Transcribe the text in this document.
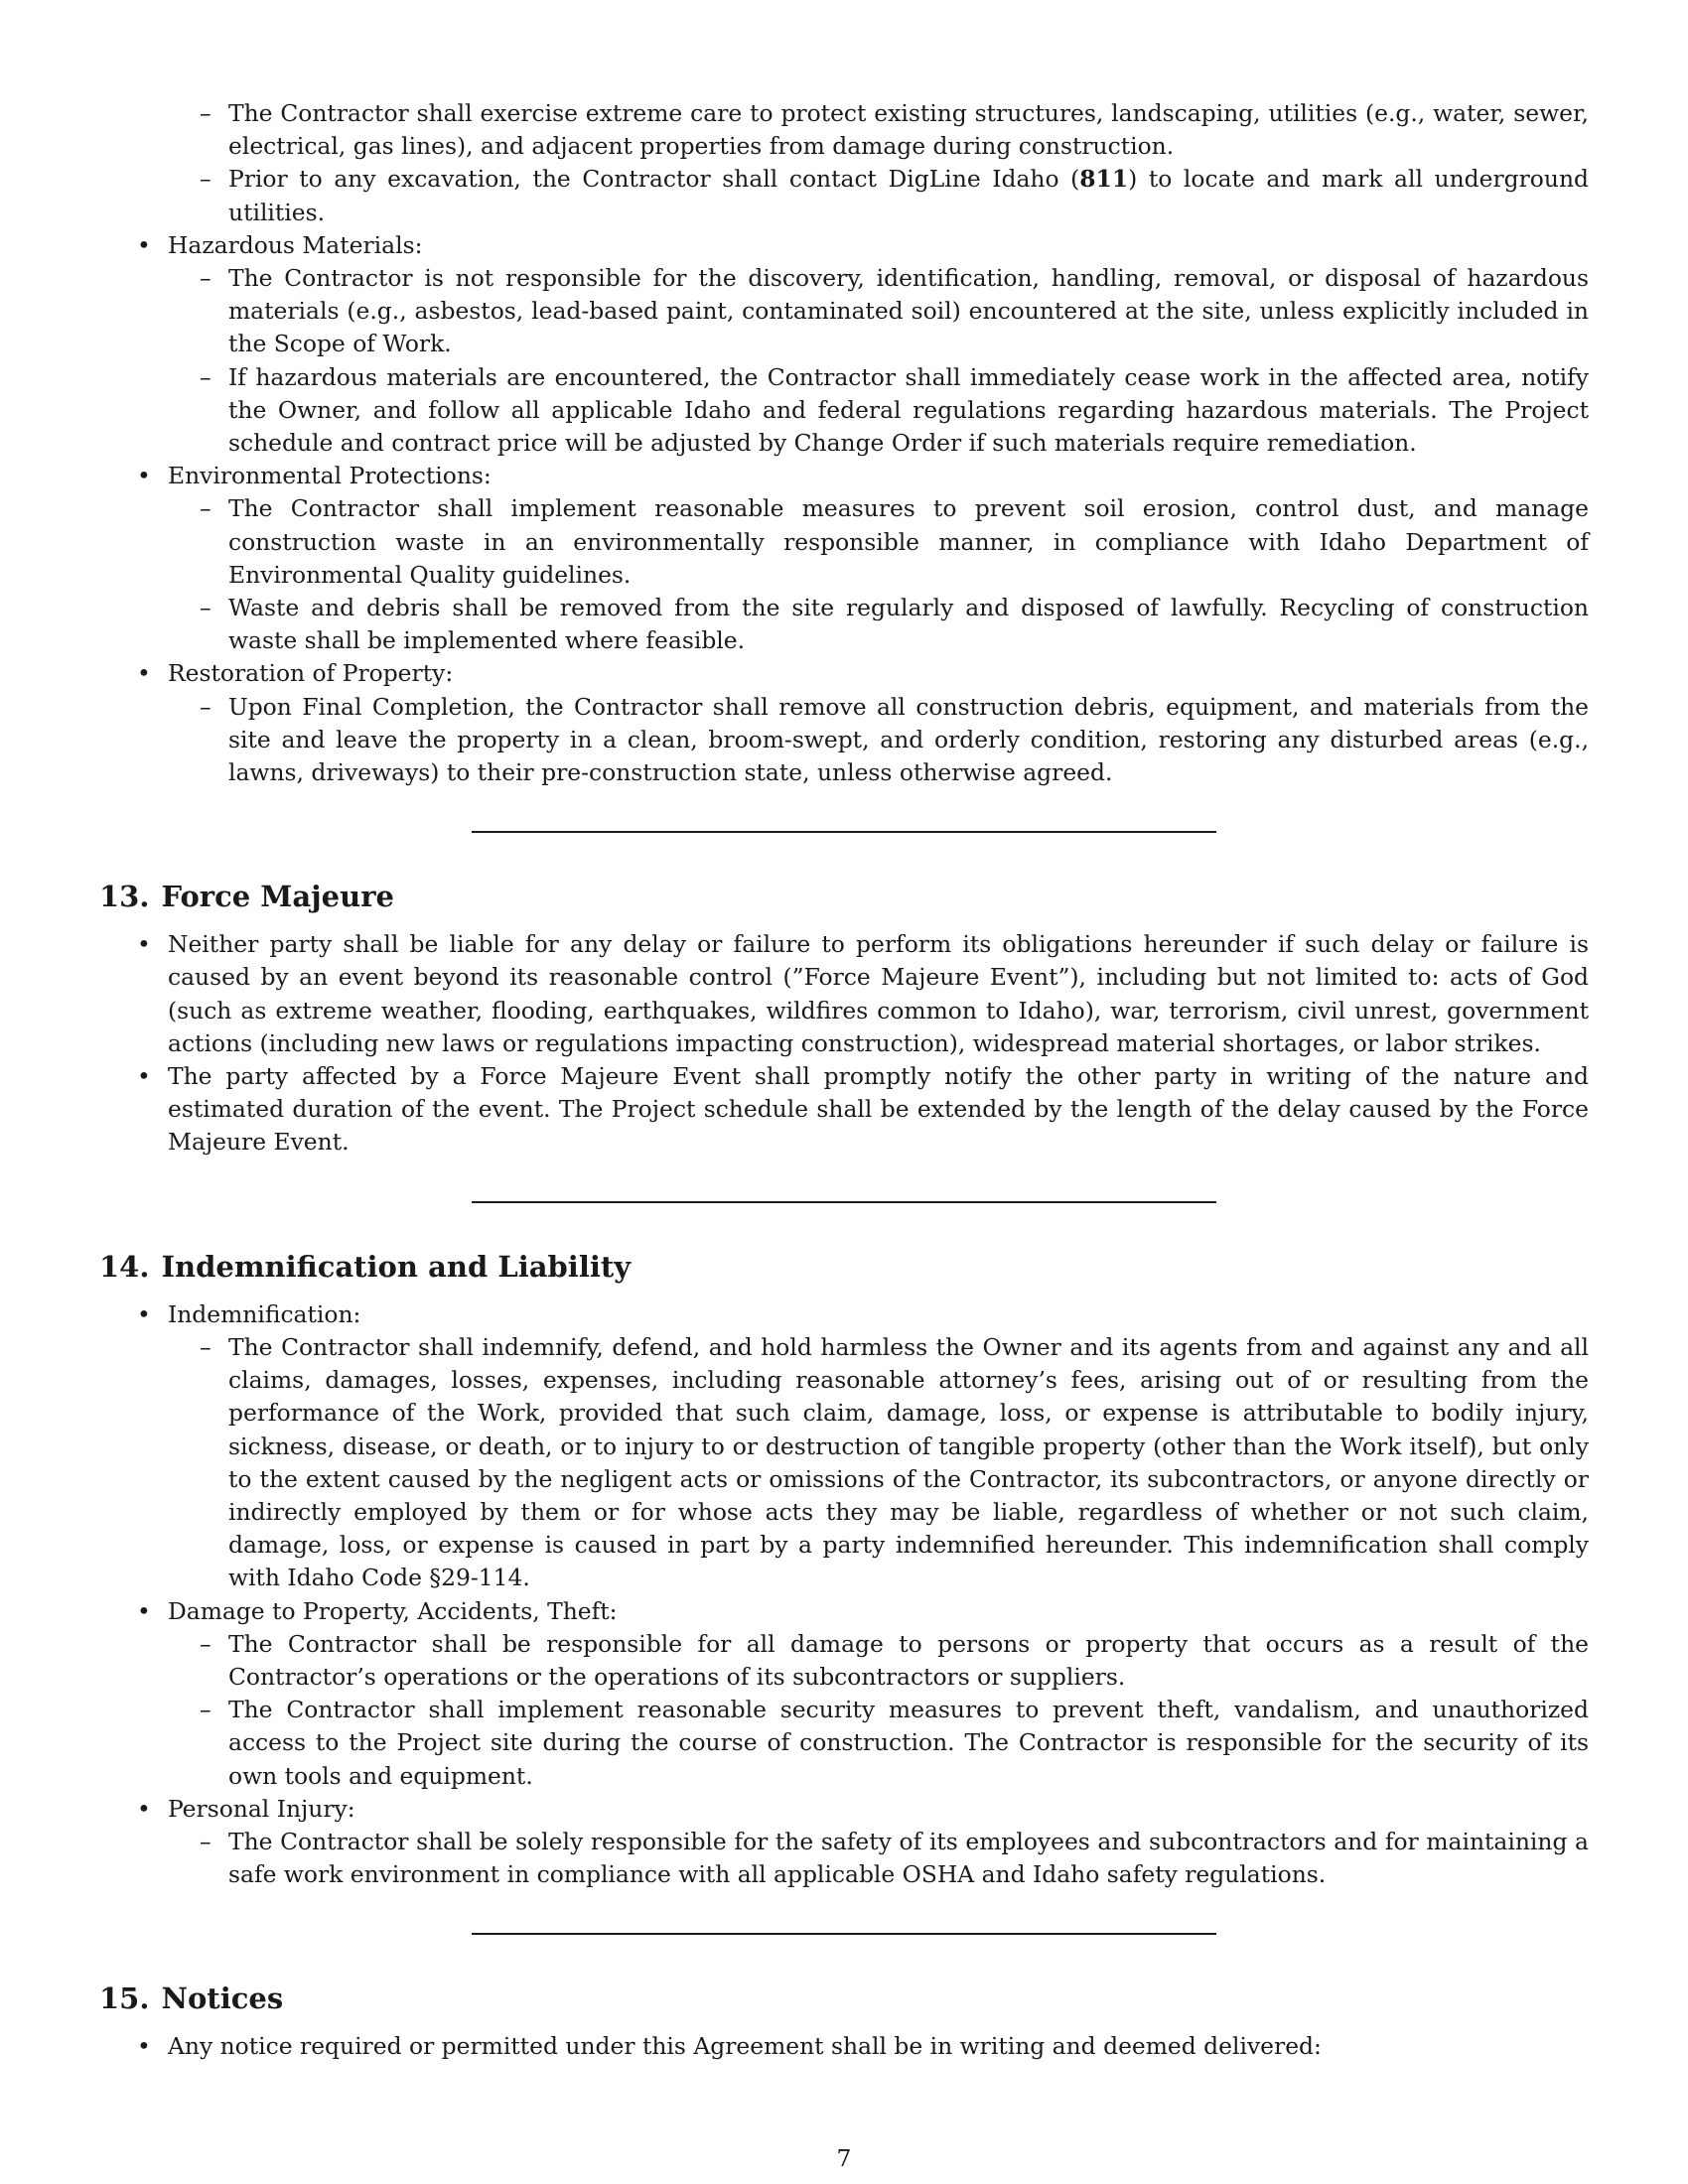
– The Contractor shall exercise extreme care to protect existing structures, landscaping, utilities (e.g., water, sewer, electrical, gas lines), and adjacent properties from damage during construction.
– Prior to any excavation, the Contractor shall contact DigLine Idaho (811) to locate and mark all underground utilities.
• Hazardous Materials:
– The Contractor is not responsible for the discovery, identification, handling, removal, or disposal of hazardous materials (e.g., asbestos, lead-based paint, contaminated soil) encountered at the site, unless explicitly included in the Scope of Work.
– If hazardous materials are encountered, the Contractor shall immediately cease work in the affected area, notify the Owner, and follow all applicable Idaho and federal regulations regarding hazardous materials. The Project schedule and contract price will be adjusted by Change Order if such materials require remediation.
• Environmental Protections:
– The Contractor shall implement reasonable measures to prevent soil erosion, control dust, and manage construction waste in an environmentally responsible manner, in compliance with Idaho Department of Environmental Quality guidelines.
– Waste and debris shall be removed from the site regularly and disposed of lawfully. Recycling of construction waste shall be implemented where feasible.
• Restoration of Property:
– Upon Final Completion, the Contractor shall remove all construction debris, equipment, and materials from the site and leave the property in a clean, broom-swept, and orderly condition, restoring any disturbed areas (e.g., lawns, driveways) to their pre-construction state, unless otherwise agreed.
13. Force Majeure
• Neither party shall be liable for any delay or failure to perform its obligations hereunder if such delay or failure is caused by an event beyond its reasonable control (”Force Majeure Event”), including but not limited to: acts of God (such as extreme weather, flooding, earthquakes, wildfires common to Idaho), war, terrorism, civil unrest, government actions (including new laws or regulations impacting construction), widespread material shortages, or labor strikes.
• The party affected by a Force Majeure Event shall promptly notify the other party in writing of the nature and estimated duration of the event. The Project schedule shall be extended by the length of the delay caused by the Force Majeure Event.
14. Indemnification and Liability
• Indemnification:
– The Contractor shall indemnify, defend, and hold harmless the Owner and its agents from and against any and all claims, damages, losses, expenses, including reasonable attorney’s fees, arising out of or resulting from the performance of the Work, provided that such claim, damage, loss, or expense is attributable to bodily injury, sickness, disease, or death, or to injury to or destruction of tangible property (other than the Work itself), but only to the extent caused by the negligent acts or omissions of the Contractor, its subcontractors, or anyone directly or indirectly employed by them or for whose acts they may be liable, regardless of whether or not such claim, damage, loss, or expense is caused in part by a party indemnified hereunder. This indemnification shall comply with Idaho Code §29-114.
• Damage to Property, Accidents, Theft:
– The Contractor shall be responsible for all damage to persons or property that occurs as a result of the Contractor’s operations or the operations of its subcontractors or suppliers.
– The Contractor shall implement reasonable security measures to prevent theft, vandalism, and unauthorized access to the Project site during the course of construction. The Contractor is responsible for the security of its own tools and equipment.
• Personal Injury:
– The Contractor shall be solely responsible for the safety of its employees and subcontractors and for maintaining a safe work environment in compliance with all applicable OSHA and Idaho safety regulations.
15. Notices
• Any notice required or permitted under this Agreement shall be in writing and deemed delivered:
7
